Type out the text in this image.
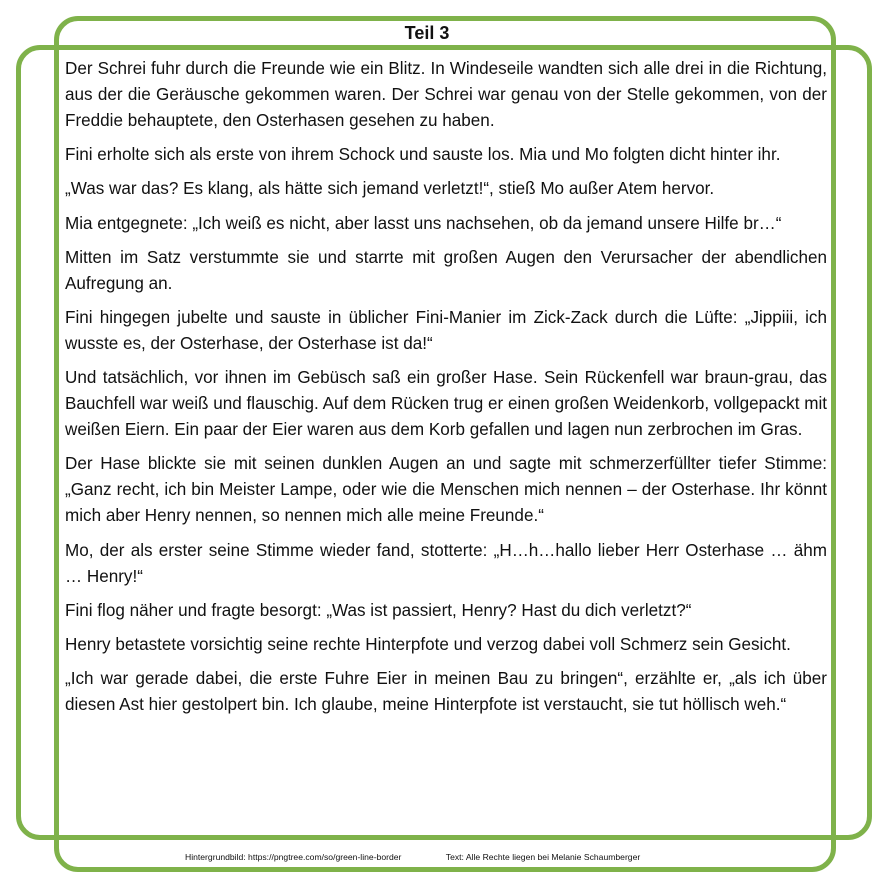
Teil 3

Der Schrei fuhr durch die Freunde wie ein Blitz. In Windeseile wandten sich alle drei in die Richtung, aus der die Geräusche gekommen waren. Der Schrei war genau von der Stelle gekommen, von der Freddie behauptete, den Osterhasen gesehen zu haben.

Fini erholte sich als erste von ihrem Schock und sauste los. Mia und Mo folgten dicht hinter ihr.

„Was war das? Es klang, als hätte sich jemand verletzt!“, stieß Mo außer Atem hervor.

Mia entgegnete: „Ich weiß es nicht, aber lasst uns nachsehen, ob da jemand unsere Hilfe br…“

Mitten im Satz verstummte sie und starrte mit großen Augen den Verursacher der abendlichen Aufregung an.

Fini hingegen jubelte und sauste in üblicher Fini-Manier im Zick-Zack durch die Lüfte: „Jippiii, ich wusste es, der Osterhase, der Osterhase ist da!“

Und tatsächlich, vor ihnen im Gebüsch saß ein großer Hase. Sein Rückenfell war braun-grau, das Bauchfell war weiß und flauschig. Auf dem Rücken trug er einen großen Weidenkorb, vollgepackt mit weißen Eiern. Ein paar der Eier waren aus dem Korb gefallen und lagen nun zerbrochen im Gras.

Der Hase blickte sie mit seinen dunklen Augen an und sagte mit schmerzerfüllter tiefer Stimme: „Ganz recht, ich bin Meister Lampe, oder wie die Menschen mich nennen – der Osterhase. Ihr könnt mich aber Henry nennen, so nennen mich alle meine Freunde.“

Mo, der als erster seine Stimme wieder fand, stotterte: „H…h…hallo lieber Herr Osterhase … ähm … Henry!“

Fini flog näher und fragte besorgt: „Was ist passiert, Henry? Hast du dich verletzt?“

Henry betastete vorsichtig seine rechte Hinterpfote und verzog dabei voll Schmerz sein Gesicht.

„Ich war gerade dabei, die erste Fuhre Eier in meinen Bau zu bringen“, erzählte er, „als ich über diesen Ast hier gestolpert bin. Ich glaube, meine Hinterpfote ist verstaucht, sie tut höllisch weh.“

Hintergrundbild: https://pngtree.com/so/green-line-border	Text: Alle Rechte liegen bei Melanie Schaumberger
